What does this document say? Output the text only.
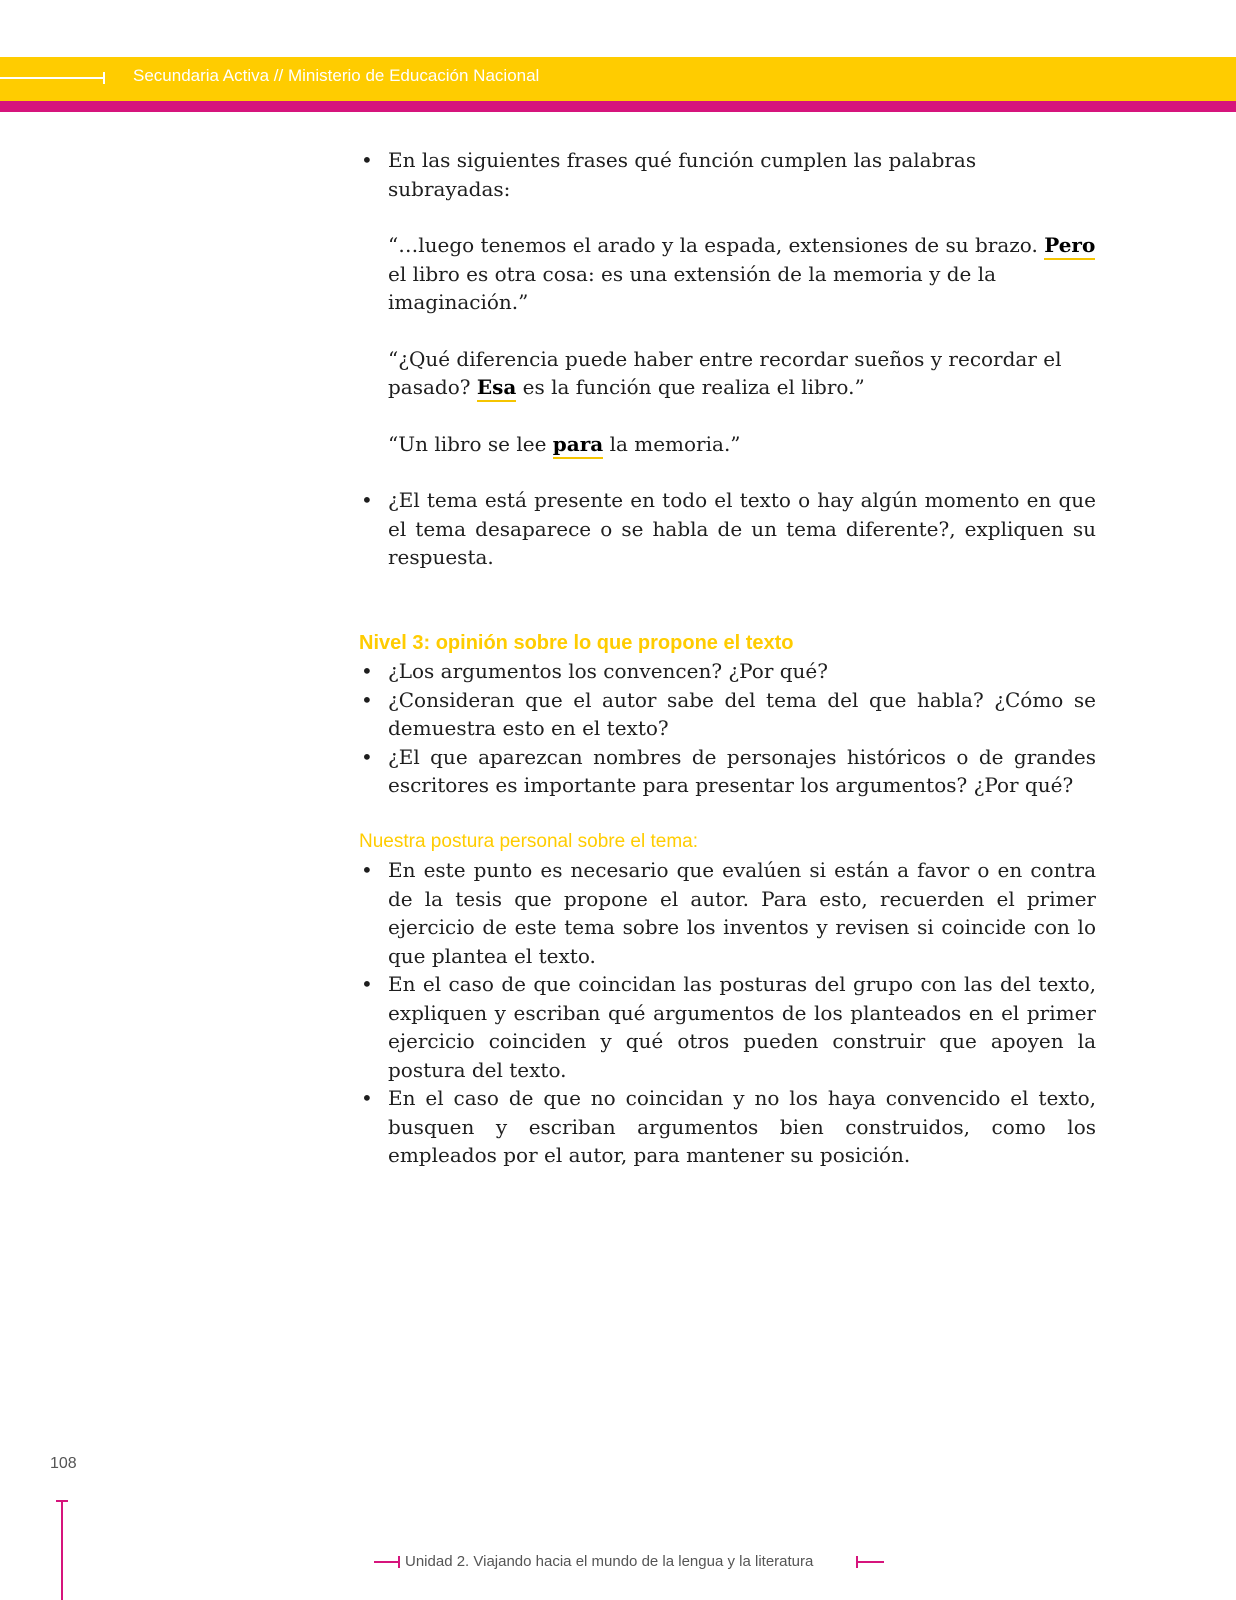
Secundaria Activa // Ministerio de Educación Nacional

• En las siguientes frases qué función cumplen las palabras subrayadas:

“…luego tenemos el arado y la espada, extensiones de su brazo. Pero el libro es otra cosa: es una extensión de la memoria y de la imaginación.”

“¿Qué diferencia puede haber entre recordar sueños y recordar el pasado? Esa es la función que realiza el libro.”

“Un libro se lee para la memoria.”

• ¿El tema está presente en todo el texto o hay algún momento en que el tema desaparece o se habla de un tema diferente?, expliquen su respuesta.

Nivel 3: opinión sobre lo que propone el texto

• ¿Los argumentos los convencen? ¿Por qué?

• ¿Consideran que el autor sabe del tema del que habla? ¿Cómo se demuestra esto en el texto?

• ¿El que aparezcan nombres de personajes históricos o de grandes escritores es importante para presentar los argumentos? ¿Por qué?

Nuestra postura personal sobre el tema:

• En este punto es necesario que evalúen si están a favor o en contra de la tesis que propone el autor. Para esto, recuerden el primer ejercicio de este tema sobre los inventos y revisen si coincide con lo que plantea el texto.

• En el caso de que coincidan las posturas del grupo con las del texto, expliquen y escriban qué argumentos de los planteados en el primer ejercicio coinciden y qué otros pueden construir que apoyen la postura del texto.

• En el caso de que no coincidan y no los haya convencido el texto, busquen y escriban argumentos bien construidos, como los empleados por el autor, para mantener su posición.

108
Unidad 2. Viajando hacia el mundo de la lengua y la literatura
